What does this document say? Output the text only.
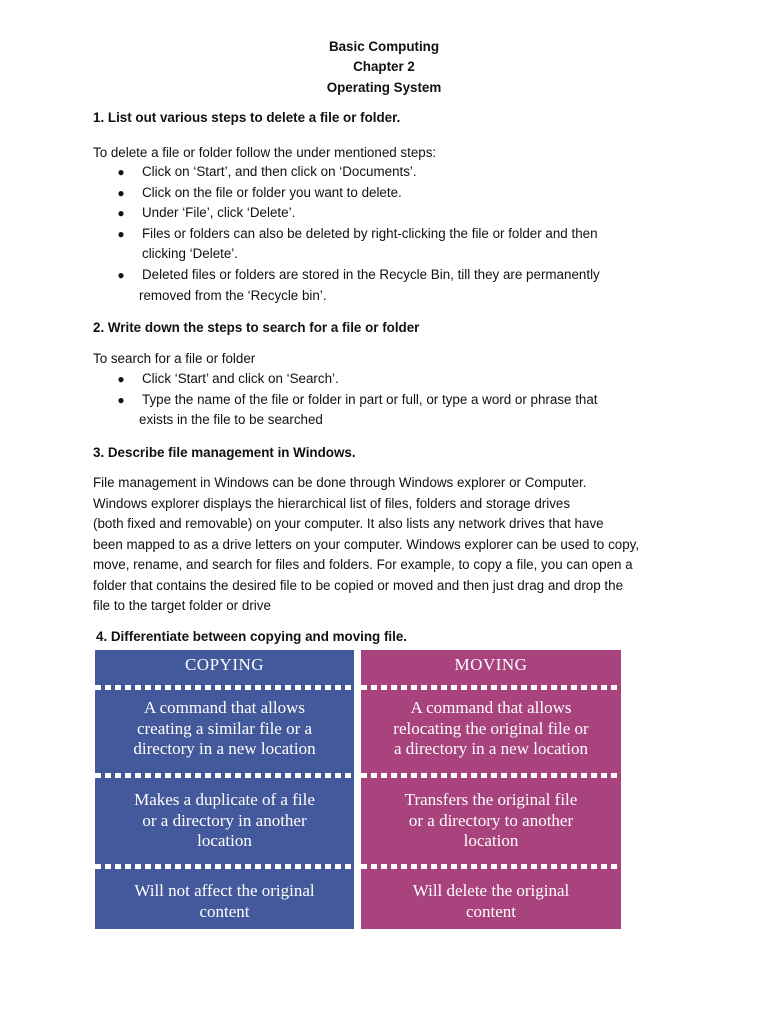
Basic Computing
Chapter 2
Operating System
1. List out various steps to delete a file or folder.
To delete a file or folder follow the under mentioned steps:
● Click on ‘Start’, and then click on ‘Documents’.
● Click on the file or folder you want to delete.
● Under ‘File’, click ‘Delete’.
● Files or folders can also be deleted by right-clicking the file or folder and then
clicking ‘Delete’.
● Deleted files or folders are stored in the Recycle Bin, till they are permanently
removed from the ‘Recycle bin’.
2. Write down the steps to search for a file or folder
To search for a file or folder
● Click ‘Start’ and click on ‘Search’.
● Type the name of the file or folder in part or full, or type a word or phrase that
exists in the file to be searched
3. Describe file management in Windows.
File management in Windows can be done through Windows explorer or Computer.
Windows explorer displays the hierarchical list of files, folders and storage drives
(both fixed and removable) on your computer. It also lists any network drives that have
been mapped to as a drive letters on your computer. Windows explorer can be used to copy,
move, rename, and search for files and folders. For example, to copy a file, you can open a
folder that contains the desired file to be copied or moved and then just drag and drop the
file to the target folder or drive
4. Differentiate between copying and moving file.
COPYING
A command that allows
creating a similar file or a
directory in a new location
Makes a duplicate of a file
or a directory in another
location
Will not affect the original
content
MOVING
A command that allows
relocating the original file or
a directory in a new location
Transfers the original file
or a directory to another
location
Will delete the original
content
